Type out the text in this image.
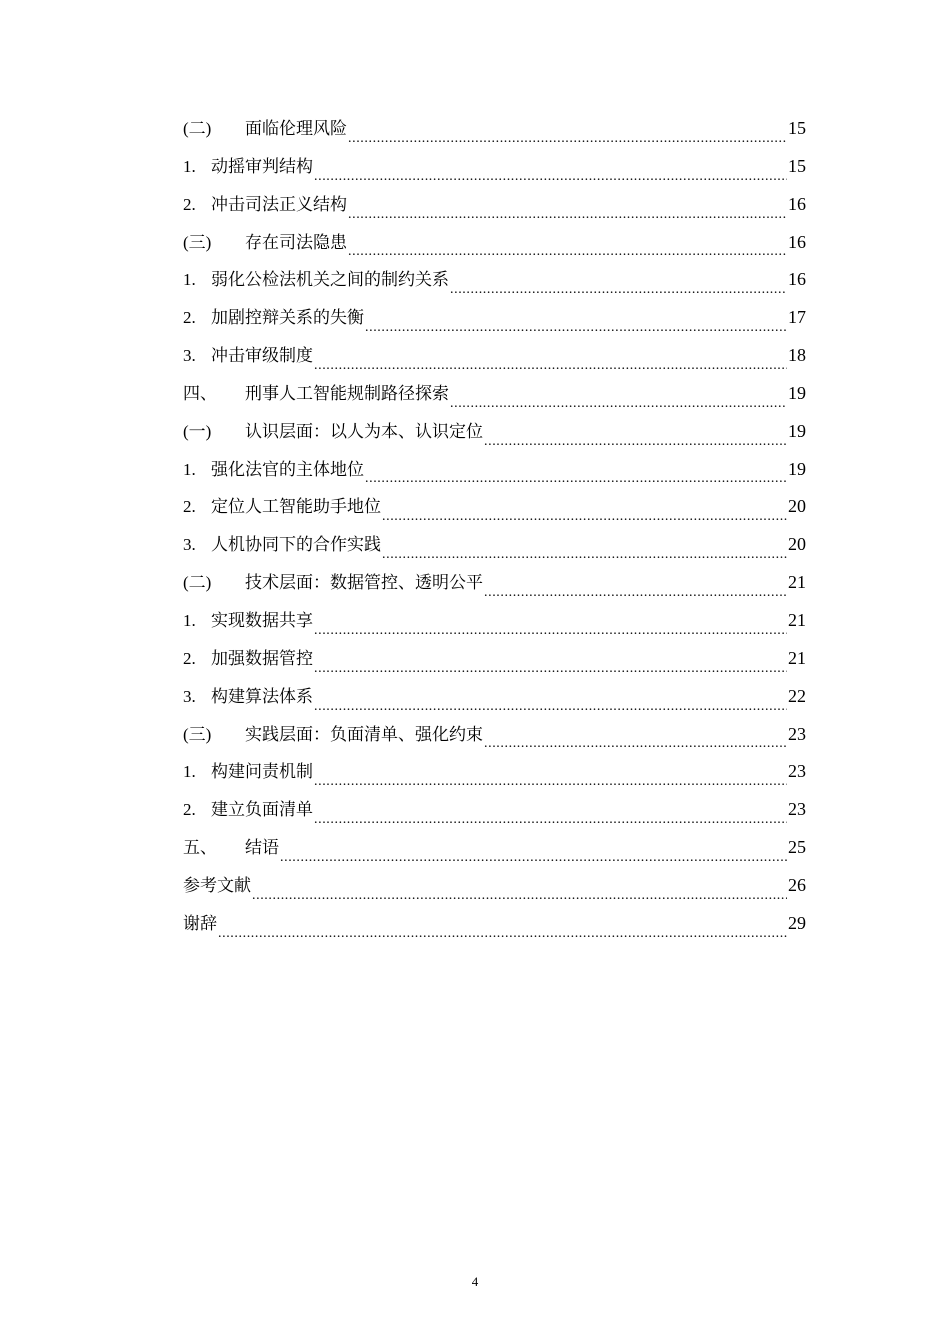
(二)	面临伦理风险 .....	15
1. 动摇审判结构 .....	15
2. 冲击司法正义结构 .....	16
(三)	存在司法隐患 .....	16
1. 弱化公检法机关之间的制约关系 .....	16
2. 加剧控辩关系的失衡 .....	17
3. 冲击审级制度 .....	18
四、	刑事人工智能规制路径探索 .....	19
(一)	认识层面：以人为本、认识定位 .....	19
1. 强化法官的主体地位 .....	19
2. 定位人工智能助手地位 .....	20
3. 人机协同下的合作实践 .....	20
(二)	技术层面：数据管控、透明公平 .....	21
1. 实现数据共享 .....	21
2. 加强数据管控 .....	21
3. 构建算法体系 .....	22
(三)	实践层面：负面清单、强化约束 .....	23
1. 构建问责机制 .....	23
2. 建立负面清单 .....	23
五、	结语 .....	25
参考文献 .....	26
谢辞 .....	29
4
